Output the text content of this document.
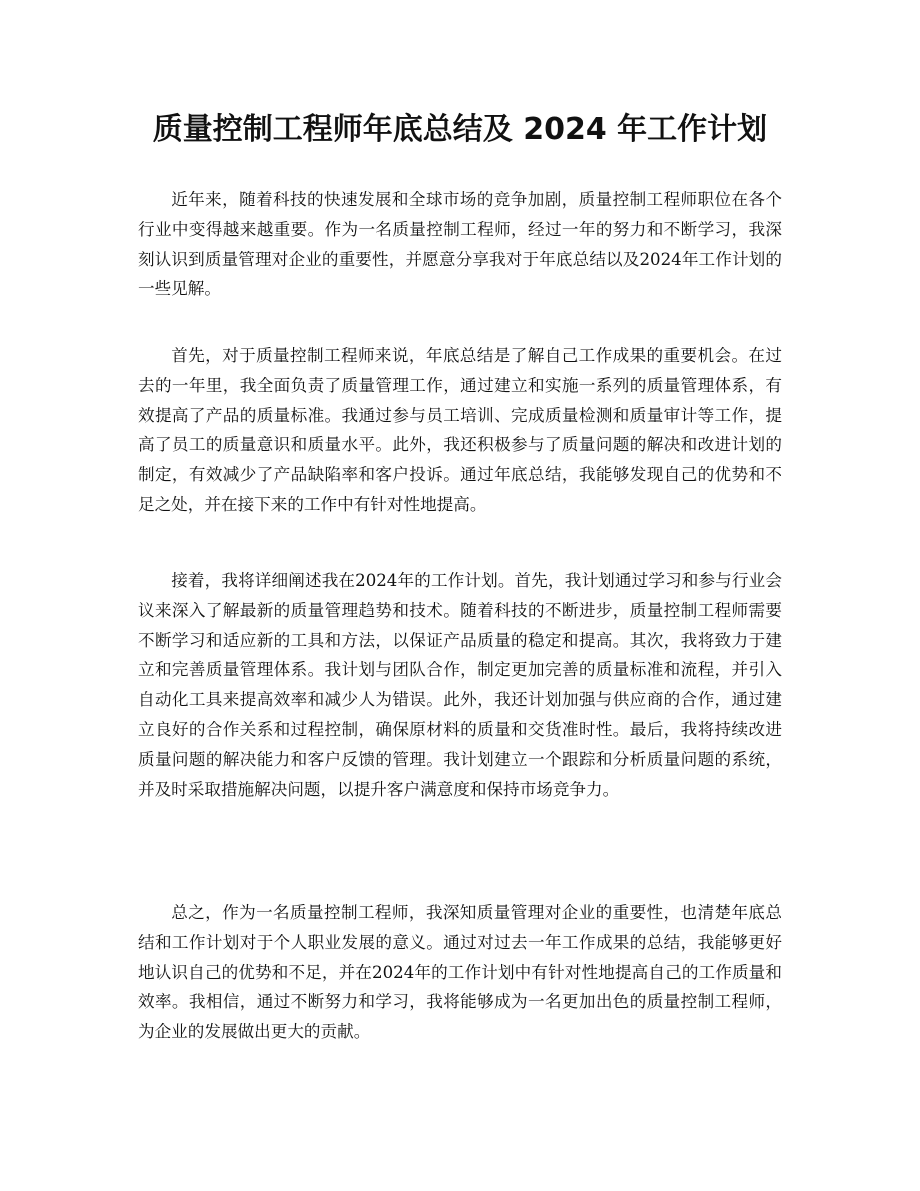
质量控制工程师年底总结及 2024 年工作计划

近年来，随着科技的快速发展和全球市场的竞争加剧，质量控制工程师职位在各个行业中变得越来越重要。作为一名质量控制工程师，经过一年的努力和不断学习，我深刻认识到质量管理对企业的重要性，并愿意分享我对于年底总结以及2024年工作计划的一些见解。

首先，对于质量控制工程师来说，年底总结是了解自己工作成果的重要机会。在过去的一年里，我全面负责了质量管理工作，通过建立和实施一系列的质量管理体系，有效提高了产品的质量标准。我通过参与员工培训、完成质量检测和质量审计等工作，提高了员工的质量意识和质量水平。此外，我还积极参与了质量问题的解决和改进计划的制定，有效减少了产品缺陷率和客户投诉。通过年底总结，我能够发现自己的优势和不足之处，并在接下来的工作中有针对性地提高。

接着，我将详细阐述我在2024年的工作计划。首先，我计划通过学习和参与行业会议来深入了解最新的质量管理趋势和技术。随着科技的不断进步，质量控制工程师需要不断学习和适应新的工具和方法，以保证产品质量的稳定和提高。其次，我将致力于建立和完善质量管理体系。我计划与团队合作，制定更加完善的质量标准和流程，并引入自动化工具来提高效率和减少人为错误。此外，我还计划加强与供应商的合作，通过建立良好的合作关系和过程控制，确保原材料的质量和交货准时性。最后，我将持续改进质量问题的解决能力和客户反馈的管理。我计划建立一个跟踪和分析质量问题的系统，并及时采取措施解决问题，以提升客户满意度和保持市场竞争力。

总之，作为一名质量控制工程师，我深知质量管理对企业的重要性，也清楚年底总结和工作计划对于个人职业发展的意义。通过对过去一年工作成果的总结，我能够更好地认识自己的优势和不足，并在2024年的工作计划中有针对性地提高自己的工作质量和效率。我相信，通过不断努力和学习，我将能够成为一名更加出色的质量控制工程师，为企业的发展做出更大的贡献。
